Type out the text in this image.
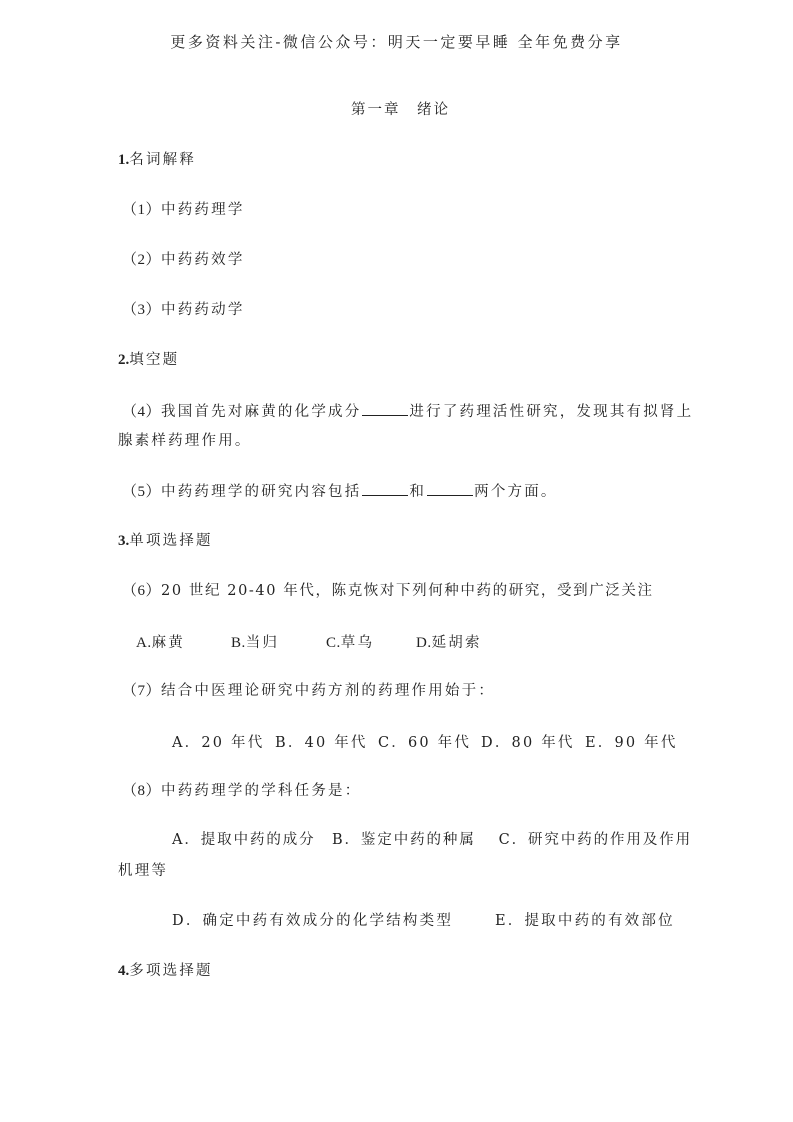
更多资料关注-微信公众号：明天一定要早睡 全年免费分享
第一章　绪论
1.名词解释
（1）中药药理学
（2）中药药效学
（3）中药药动学
2.填空题
（4）我国首先对麻黄的化学成分	进行了药理活性研究，发现其有拟肾上
腺素样药理作用。
（5）中药药理学的研究内容包括	和	两个方面。
3.单项选择题
（6）20 世纪 20-40 年代，陈克恢对下列何种中药的研究，受到广泛关注
A.麻黄	B.当归	C.草乌	D.延胡索
（7）结合中医理论研究中药方剂的药理作用始于：
A．20 年代 B．40 年代 C．60 年代 D．80 年代 E．90 年代
（8）中药药理学的学科任务是：
A．提取中药的成分　B．鉴定中药的种属　 C．研究中药的作用及作用
机理等
D．确定中药有效成分的化学结构类型	E．提取中药的有效部位
4.多项选择题
